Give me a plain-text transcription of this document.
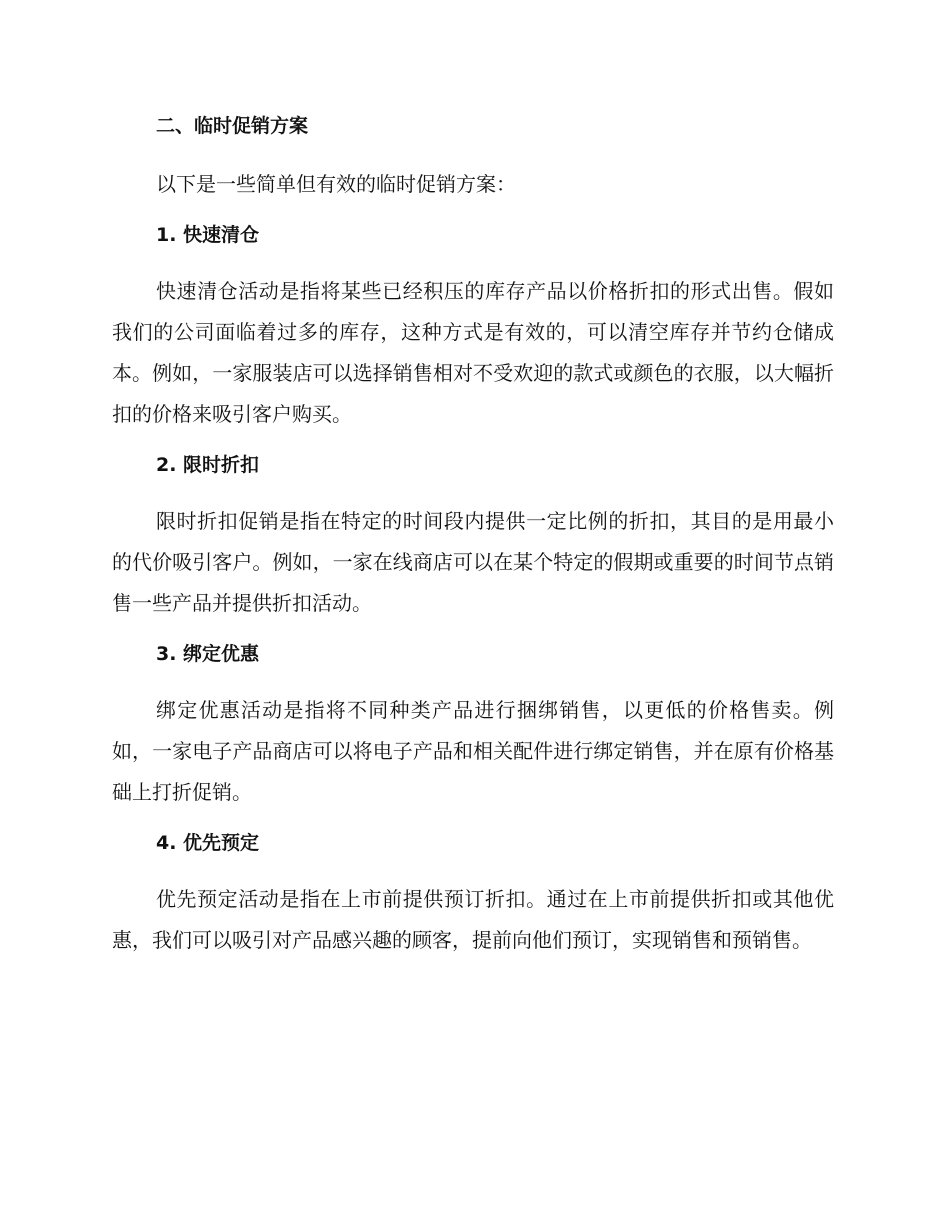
二、临时促销方案

以下是一些简单但有效的临时促销方案：

1. 快速清仓

快速清仓活动是指将某些已经积压的库存产品以价格折扣的形式出售。假如我们的公司面临着过多的库存，这种方式是有效的，可以清空库存并节约仓储成本。例如，一家服装店可以选择销售相对不受欢迎的款式或颜色的衣服，以大幅折扣的价格来吸引客户购买。

2. 限时折扣

限时折扣促销是指在特定的时间段内提供一定比例的折扣，其目的是用最小的代价吸引客户。例如，一家在线商店可以在某个特定的假期或重要的时间节点销售一些产品并提供折扣活动。

3. 绑定优惠

绑定优惠活动是指将不同种类产品进行捆绑销售，以更低的价格售卖。例如，一家电子产品商店可以将电子产品和相关配件进行绑定销售，并在原有价格基础上打折促销。

4. 优先预定

优先预定活动是指在上市前提供预订折扣。通过在上市前提供折扣或其他优惠，我们可以吸引对产品感兴趣的顾客，提前向他们预订，实现销售和预销售。
